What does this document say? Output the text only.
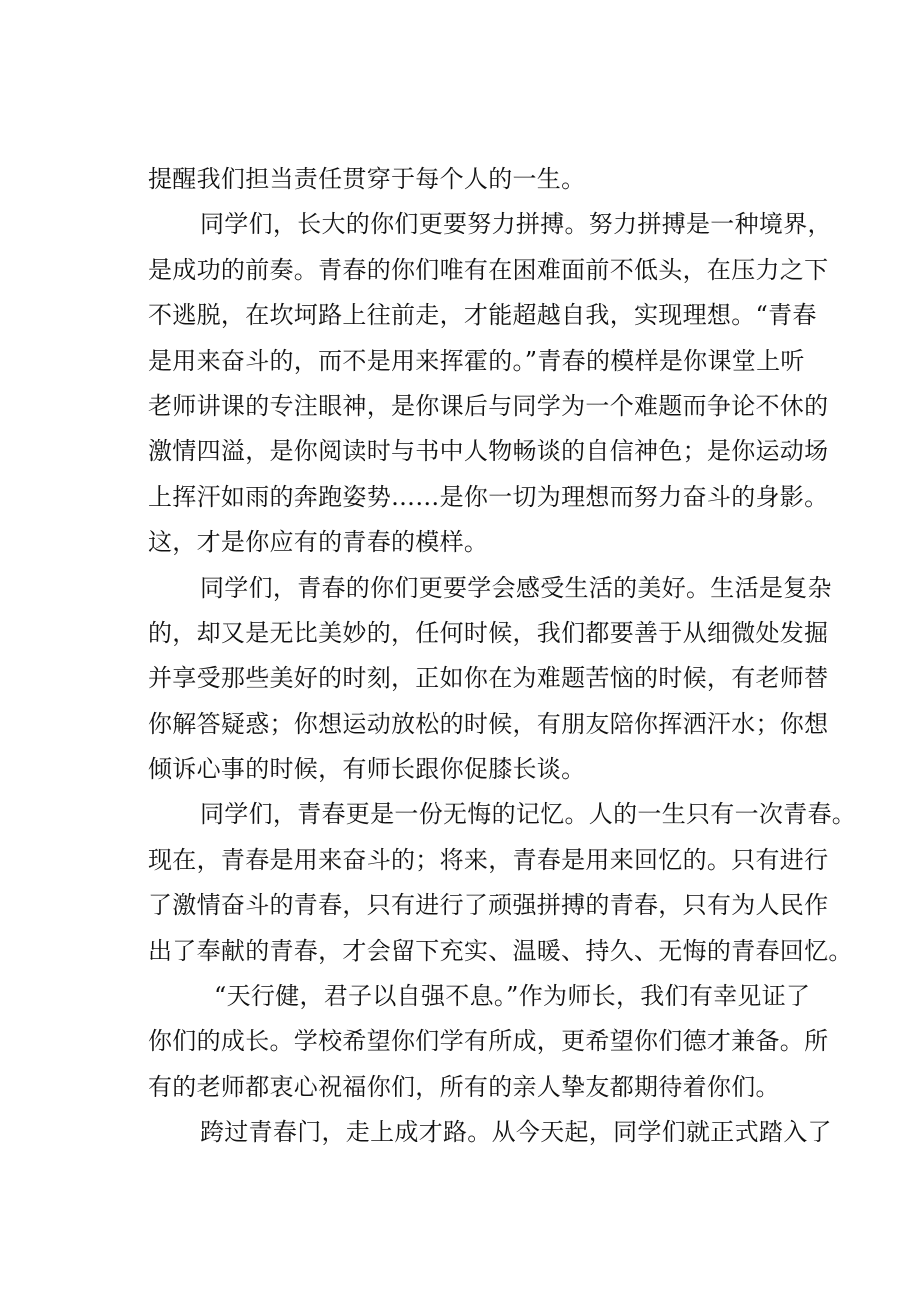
提醒我们担当责任贯穿于每个人的一生。
同学们，长大的你们更要努力拼搏。努力拼搏是一种境界，
是成功的前奏。青春的你们唯有在困难面前不低头，在压力之下
不逃脱，在坎坷路上往前走，才能超越自我，实现理想。“青春
是用来奋斗的，而不是用来挥霍的。”青春的模样是你课堂上听
老师讲课的专注眼神，是你课后与同学为一个难题而争论不休的
激情四溢，是你阅读时与书中人物畅谈的自信神色；是你运动场
上挥汗如雨的奔跑姿势……是你一切为理想而努力奋斗的身影。
这，才是你应有的青春的模样。
同学们，青春的你们更要学会感受生活的美好。生活是复杂
的，却又是无比美妙的，任何时候，我们都要善于从细微处发掘
并享受那些美好的时刻，正如你在为难题苦恼的时候，有老师替
你解答疑惑；你想运动放松的时候，有朋友陪你挥洒汗水；你想
倾诉心事的时候，有师长跟你促膝长谈。
同学们，青春更是一份无悔的记忆。人的一生只有一次青春。
现在，青春是用来奋斗的；将来，青春是用来回忆的。只有进行
了激情奋斗的青春，只有进行了顽强拼搏的青春，只有为人民作
出了奉献的青春，才会留下充实、温暖、持久、无悔的青春回忆。
“天行健，君子以自强不息。”作为师长，我们有幸见证了
你们的成长。学校希望你们学有所成，更希望你们德才兼备。所
有的老师都衷心祝福你们，所有的亲人挚友都期待着你们。
跨过青春门，走上成才路。从今天起，同学们就正式踏入了
